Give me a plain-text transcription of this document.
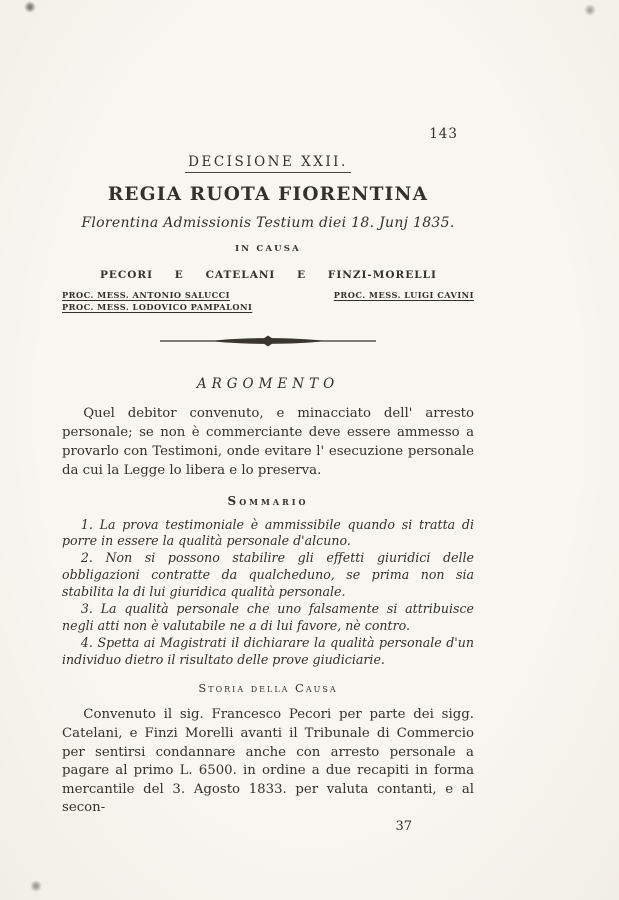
143
DECISIONE XXII.
REGIA RUOTA FIORENTINA
Florentina Admissionis Testium diei 18. Junj 1835.
IN CAUSA
PECORI E CATELANI E FINZI-MORELLI
PROC. MESS. ANTONIO SALUCCI
PROC. MESS. LODOVICO PAMPALONI
PROC. MESS. LUIGI CAVINI
ARGOMENTO

Quel debitor convenuto, e minacciato dell' arresto personale; se non è commerciante deve essere ammesso a provarlo con Testimoni, onde evitare l' esecuzione personale da cui la Legge lo libera e lo preserva.

Sommario

1. La prova testimoniale è ammissibile quando si tratta di porre in essere la qualità personale d'alcuno.

2. Non si possono stabilire gli effetti giuridici delle obbligazioni contratte da qualcheduno, se prima non sia stabilita la di lui giuridica qualità personale.

3. La qualità personale che uno falsamente si attribuisce negli atti non è valutabile ne a di lui favore, nè contro.

4. Spetta ai Magistrati il dichiarare la qualità personale d'un individuo dietro il risultato delle prove giudiciarie.

Storia della Causa

Convenuto il sig. Francesco Pecori per parte dei sigg. Catelani, e Finzi Morelli avanti il Tribunale di Commercio per sentirsi condannare anche con arresto personale a pagare al primo L. 6500. in ordine a due recapiti in forma mercantile del 3. Agosto 1833. per valuta contanti, e al secon-

37
